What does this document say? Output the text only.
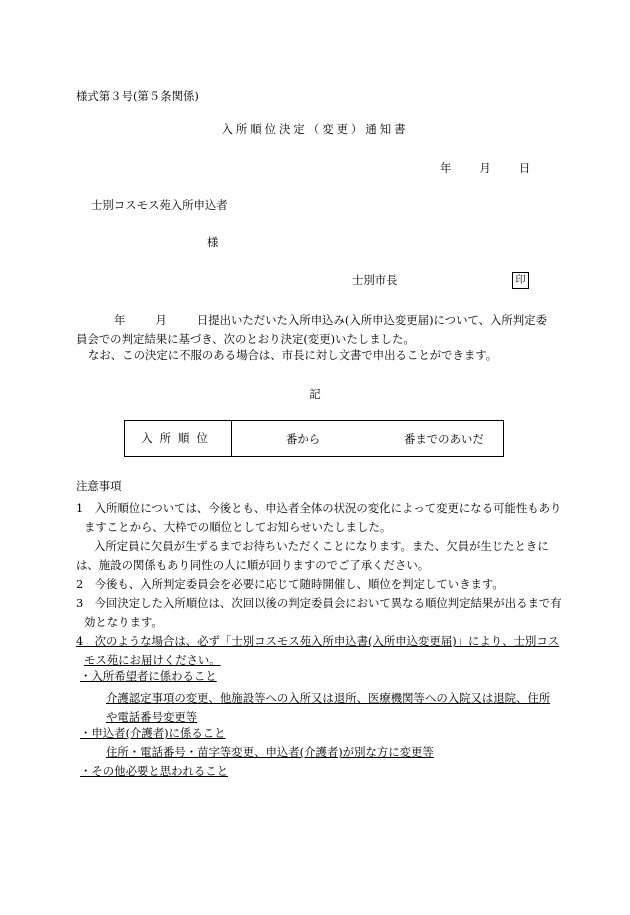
様式第３号(第５条関係)
入所順位決定（変更）通知書
年 月 日
士別コスモス苑入所申込者
様
士別市長	印
年	月	日提出いただいた入所申込み(入所申込変更届)について、入所判定委員会での判定結果に基づき、次のとおり決定(変更)いたしました。
なお、この決定に不服のある場合は、市長に対し文書で申出ることができます。
記
入所順位	番から	番までのあいだ
注意事項
1　入所順位については、今後とも、申込者全体の状況の変化によって変更になる可能性もありますことから、大枠での順位としてお知らせいたしました。
入所定員に欠員が生ずるまでお待ちいただくことになります。また、欠員が生じたときには、施設の関係もあり同性の人に順が回りますのでご了承ください。
2　今後も、入所判定委員会を必要に応じて随時開催し、順位を判定していきます。
3　今回決定した入所順位は、次回以後の判定委員会において異なる順位判定結果が出るまで有効となります。
4　次のような場合は、必ず「士別コスモス苑入所申込書(入所申込変更届)」により、士別コスモス苑にお届けください。
・入所希望者に係わること
介護認定事項の変更、他施設等への入所又は退所、医療機関等への入院又は退院、住所や電話番号変更等
・申込者(介護者)に係ること
住所・電話番号・苗字等変更、申込者(介護者)が別な方に変更等
・その他必要と思われること
